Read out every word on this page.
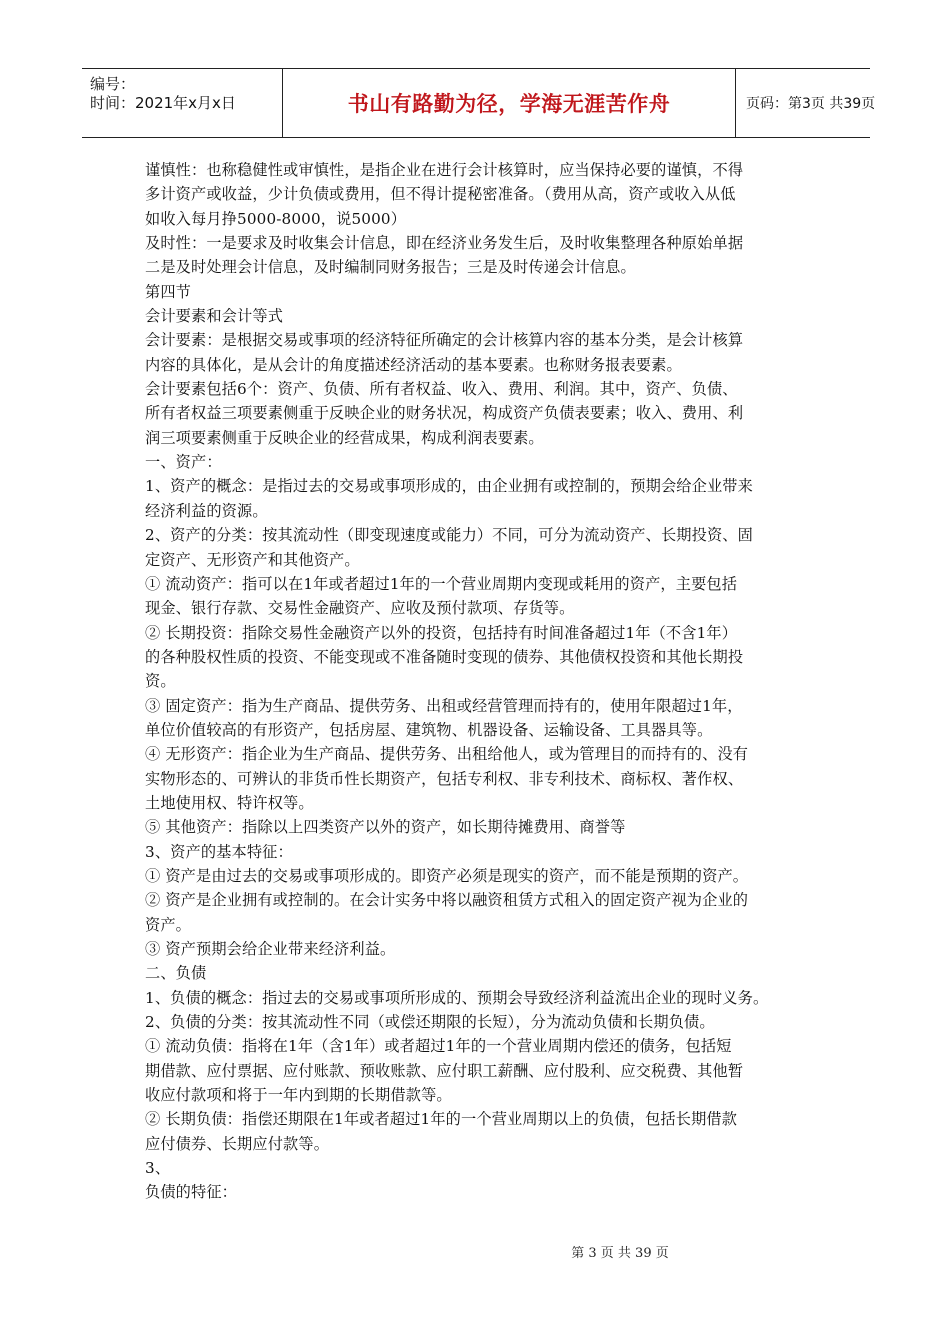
编号：
时间：2021年x月x日	书山有路勤为径，学海无涯苦作舟	页码：第3页 共39页
谨慎性：也称稳健性或审慎性，是指企业在进行会计核算时，应当保持必要的谨慎，不得
多计资产或收益，少计负债或费用，但不得计提秘密准备。（费用从高，资产或收入从低
如收入每月挣5000-8000，说5000）
及时性：一是要求及时收集会计信息，即在经济业务发生后，及时收集整理各种原始单据
二是及时处理会计信息，及时编制同财务报告；三是及时传递会计信息。
第四节
会计要素和会计等式
会计要素：是根据交易或事项的经济特征所确定的会计核算内容的基本分类，是会计核算
内容的具体化，是从会计的角度描述经济活动的基本要素。也称财务报表要素。
会计要素包括6个：资产、负债、所有者权益、收入、费用、利润。其中，资产、负债、
所有者权益三项要素侧重于反映企业的财务状况，构成资产负债表要素；收入、费用、利
润三项要素侧重于反映企业的经营成果，构成利润表要素。
一、资产：
1、资产的概念：是指过去的交易或事项形成的，由企业拥有或控制的，预期会给企业带来
经济利益的资源。
2、资产的分类：按其流动性（即变现速度或能力）不同，可分为流动资产、长期投资、固
定资产、无形资产和其他资产。
① 流动资产：指可以在1年或者超过1年的一个营业周期内变现或耗用的资产，主要包括
现金、银行存款、交易性金融资产、应收及预付款项、存货等。
② 长期投资：指除交易性金融资产以外的投资，包括持有时间准备超过1年（不含1年）
的各种股权性质的投资、不能变现或不准备随时变现的债券、其他债权投资和其他长期投
资。
③ 固定资产：指为生产商品、提供劳务、出租或经营管理而持有的，使用年限超过1年，
单位价值较高的有形资产，包括房屋、建筑物、机器设备、运输设备、工具器具等。
④ 无形资产：指企业为生产商品、提供劳务、出租给他人，或为管理目的而持有的、没有
实物形态的、可辨认的非货币性长期资产，包括专利权、非专利技术、商标权、著作权、
土地使用权、特许权等。
⑤ 其他资产：指除以上四类资产以外的资产，如长期待摊费用、商誉等
3、资产的基本特征：
① 资产是由过去的交易或事项形成的。即资产必须是现实的资产，而不能是预期的资产。
② 资产是企业拥有或控制的。在会计实务中将以融资租赁方式租入的固定资产视为企业的
资产。
③ 资产预期会给企业带来经济利益。
二、负债
1、负债的概念：指过去的交易或事项所形成的、预期会导致经济利益流出企业的现时义务。
2、负债的分类：按其流动性不同（或偿还期限的长短），分为流动负债和长期负债。
① 流动负债：指将在1年（含1年）或者超过1年的一个营业周期内偿还的债务，包括短
期借款、应付票据、应付账款、预收账款、应付职工薪酬、应付股利、应交税费、其他暂
收应付款项和将于一年内到期的长期借款等。
② 长期负债：指偿还期限在1年或者超过1年的一个营业周期以上的负债，包括长期借款
应付债券、长期应付款等。
3、
负债的特征：
第 3 页 共 39 页
